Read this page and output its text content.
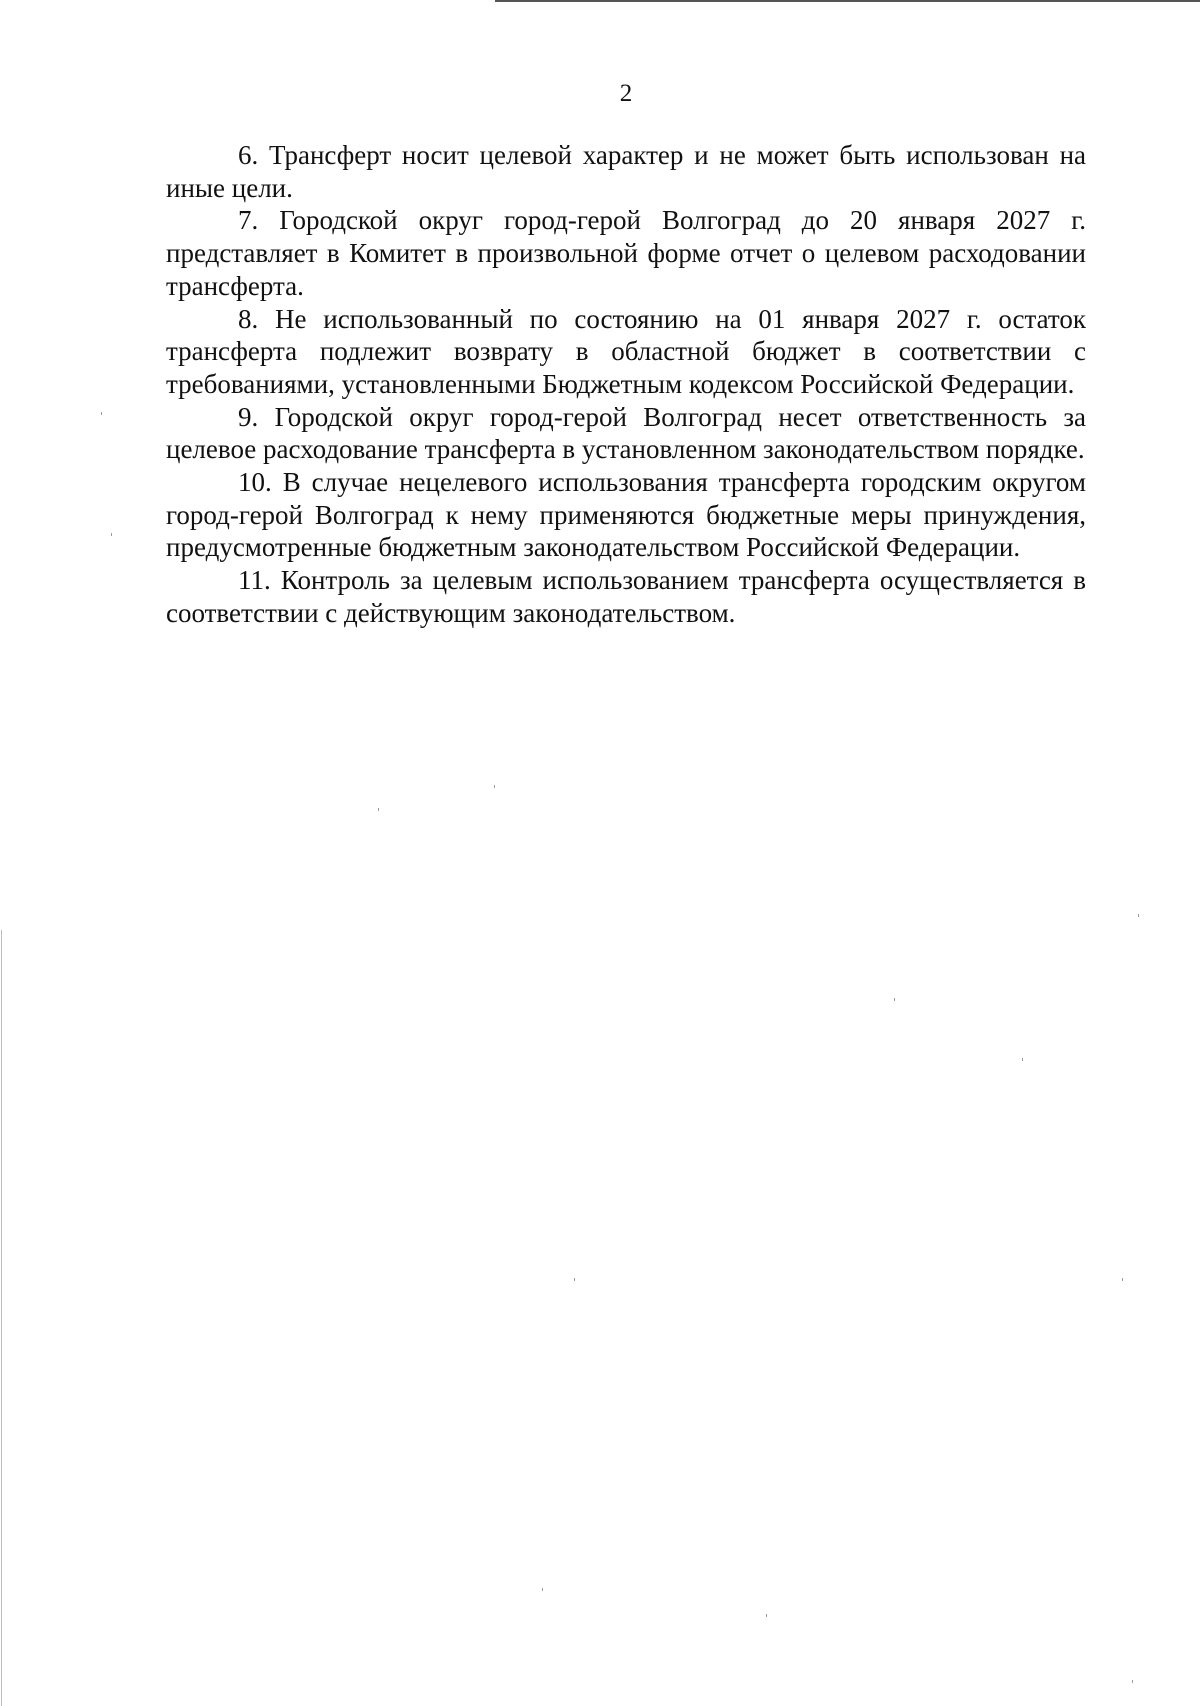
2

6. Трансферт носит целевой характер и не может быть использован на иные цели.

7. Городской округ город-герой Волгоград до 20 января 2027 г. представляет в Комитет в произвольной форме отчет о целевом расходовании трансферта.

8. Не использованный по состоянию на 01 января 2027 г. остаток трансферта подлежит возврату в областной бюджет в соответствии с требованиями, установленными Бюджетным кодексом Российской Федерации.

9. Городской округ город-герой Волгоград несет ответственность за целевое расходование трансферта в установленном законодательством порядке.

10. В случае нецелевого использования трансферта городским округом город-герой Волгоград к нему применяются бюджетные меры принуждения, предусмотренные бюджетным законодательством Российской Федерации.

11. Контроль за целевым использованием трансферта осуществляется в соответствии с действующим законодательством.
